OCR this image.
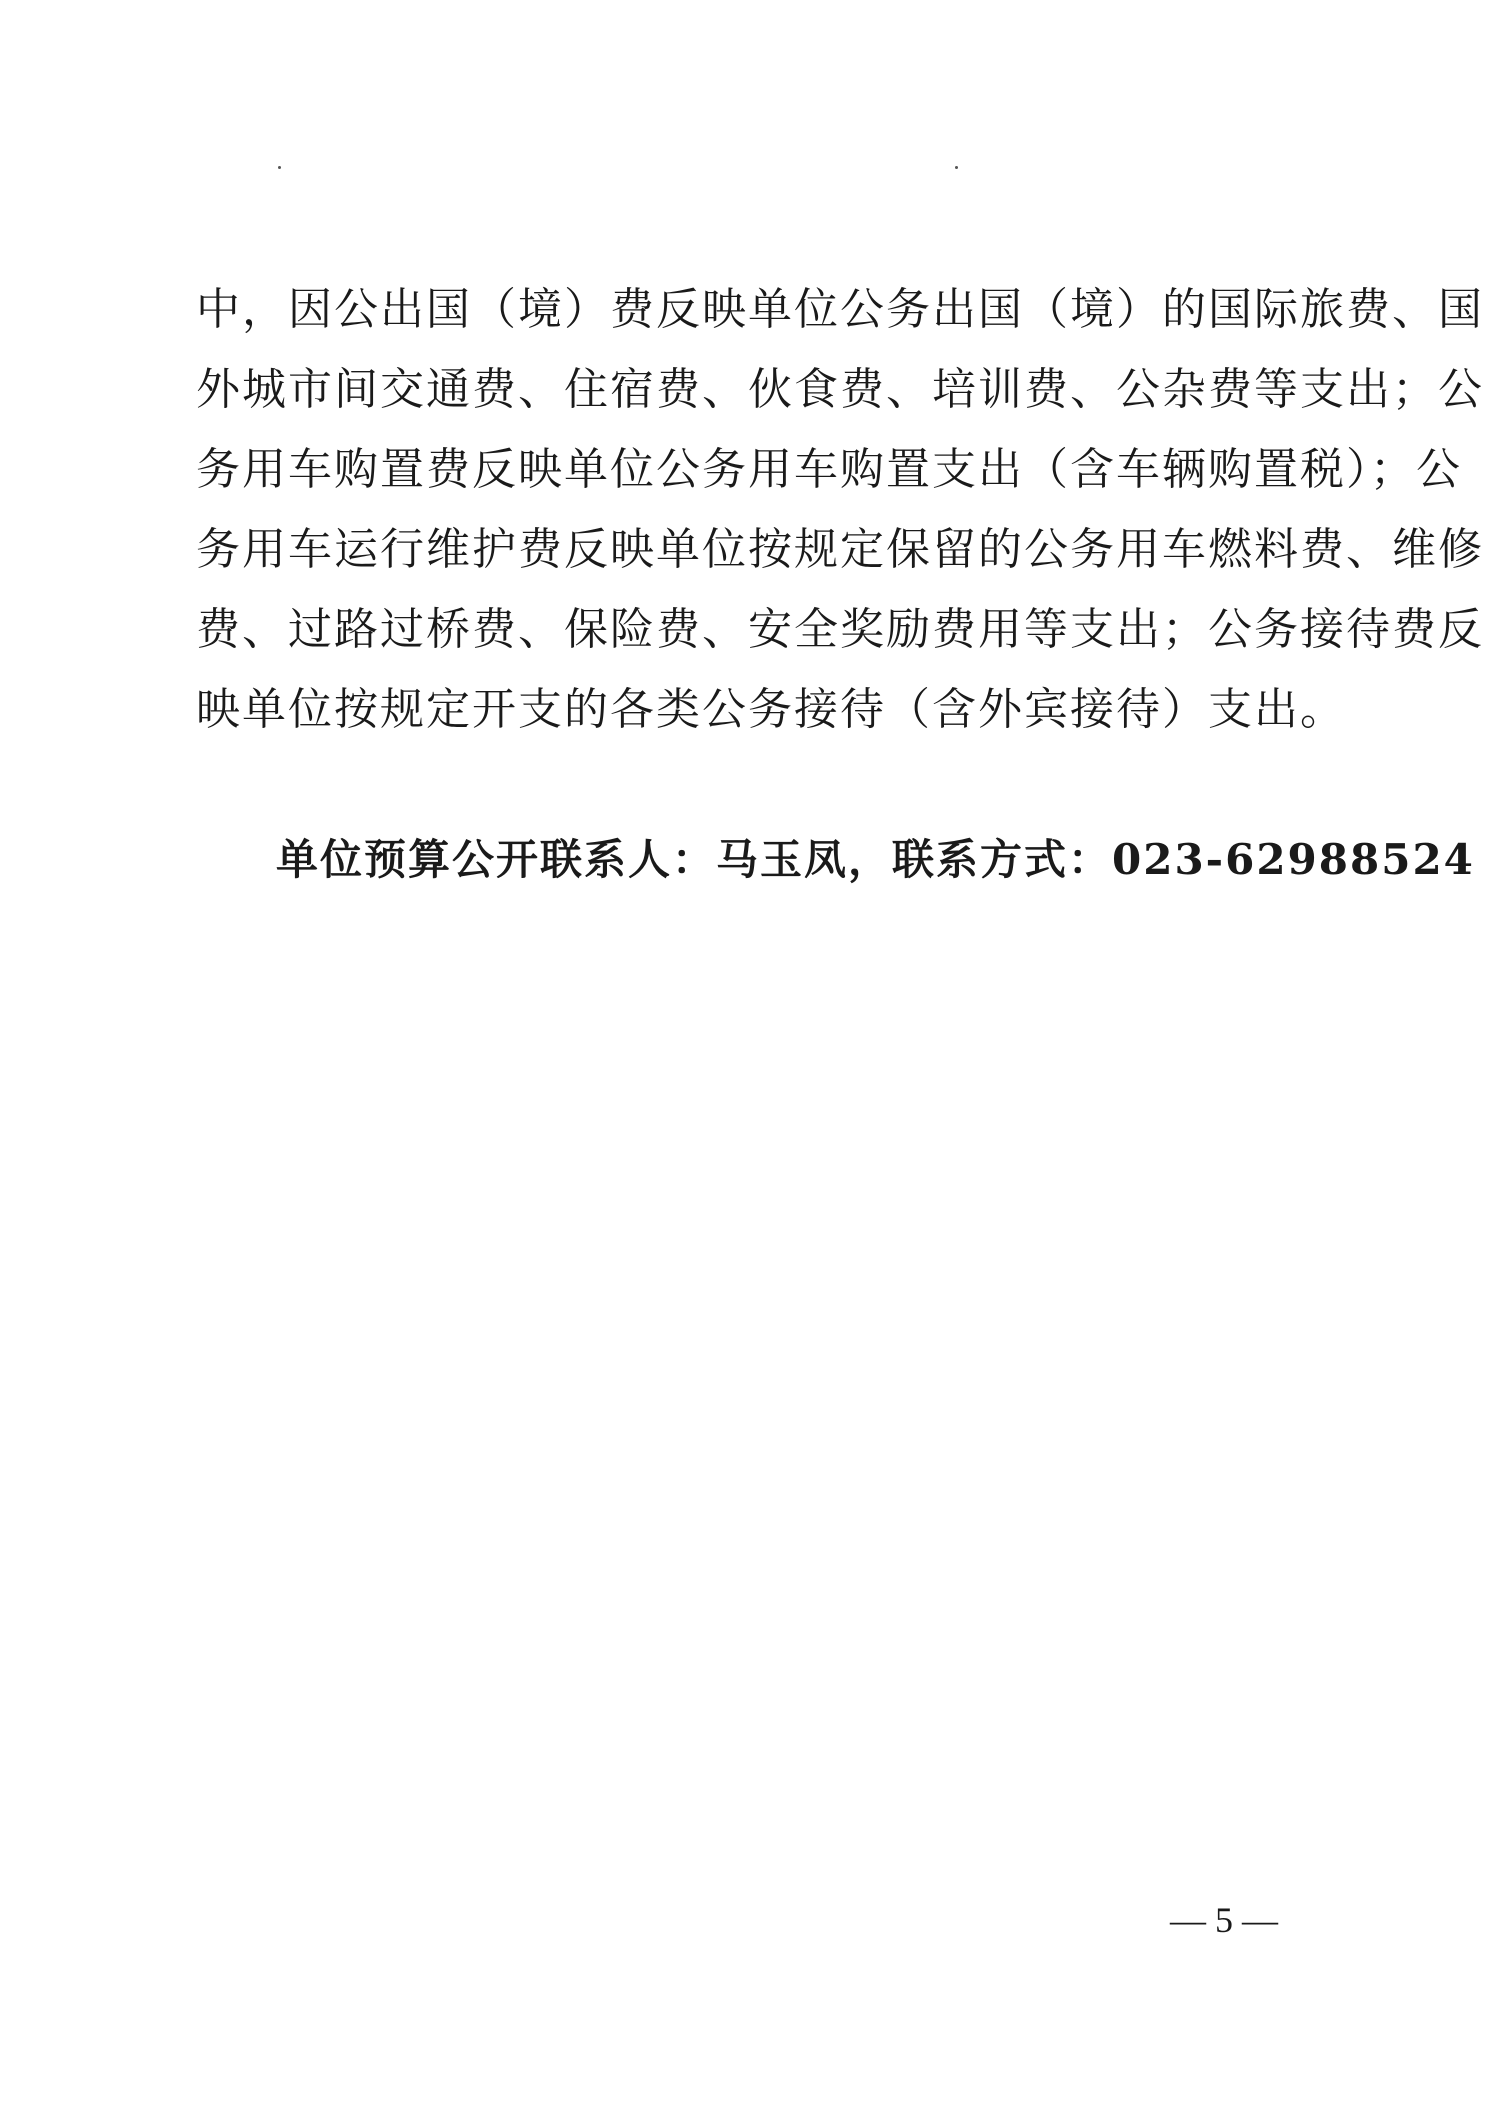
中，因公出国（境）费反映单位公务出国（境）的国际旅费、国
外城市间交通费、住宿费、伙食费、培训费、公杂费等支出；公
务用车购置费反映单位公务用车购置支出（含车辆购置税）；公
务用车运行维护费反映单位按规定保留的公务用车燃料费、维修
费、过路过桥费、保险费、安全奖励费用等支出；公务接待费反
映单位按规定开支的各类公务接待（含外宾接待）支出。
单位预算公开联系人：马玉凤，联系方式：023-62988524
— 5 —
